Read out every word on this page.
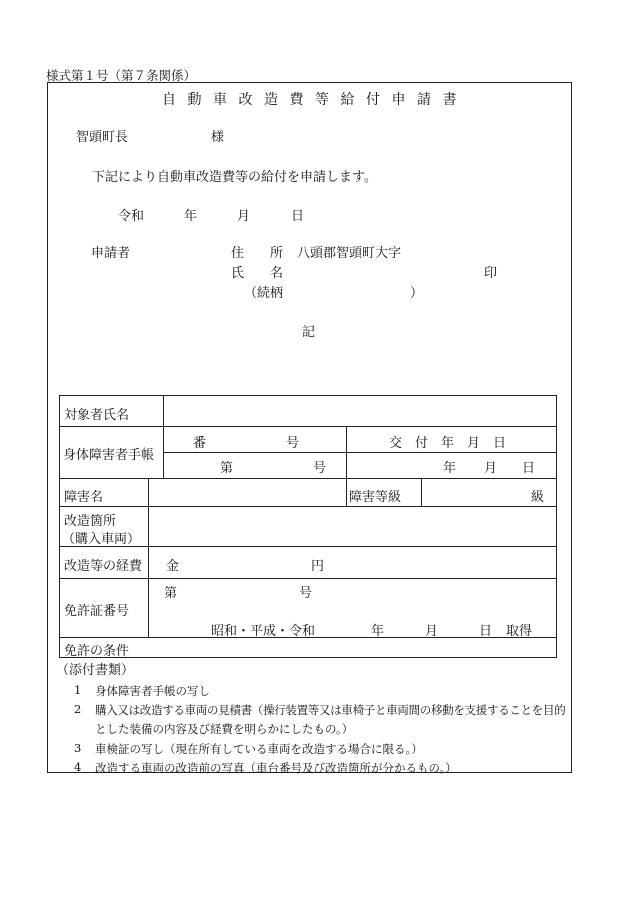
様式第１号（第７条関係）
自動車改造費等給付申請書
智頭町長	様
下記により自動車改造費等の給付を申請します。
令和	年	月	日
申請者	住　　所 八頭郡智頭町大字
氏　　名	印
（続柄	）
記
対象者氏名
身体障害者手帳
番	号	交　付　年　月　日
第	号	年 月 日
障害名	障害等級	級
改造箇所
（購入車両）
改造等の経費 金	円
第	号
免許証番号
昭和・平成・令和	年	月	日 取得
免許の条件
（添付書類）
1 身体障害者手帳の写し
2 購入又は改造する車両の見積書（操行装置等又は車椅子と車両間の移動を支援することを目的
とした装備の内容及び経費を明らかにしたもの。）
3 車検証の写し（現在所有している車両を改造する場合に限る。）
4 改造する車両の改造前の写真（車台番号及び改造箇所が分かるもの。）
